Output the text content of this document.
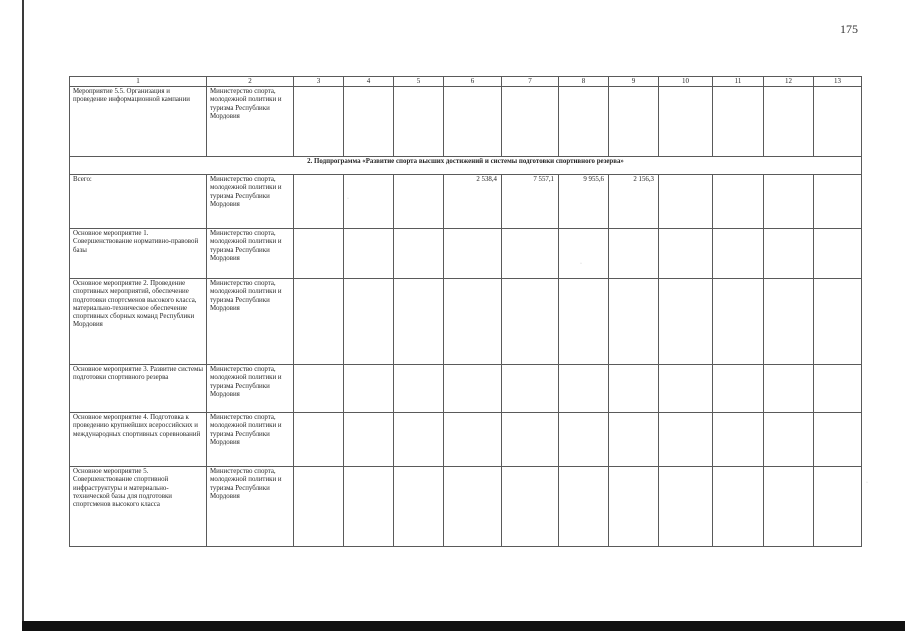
175
1	2	3	4	5	6	7	8	9	10	11	12	13
Мероприятие 5.5. Организация и проведение информационной кампании	Министерство спорта, молодежной политики и туризма Республики Мордовия											
2. Подпрограмма «Развитие спорта высших достижений и системы подготовки спортивного резерва»												
Всего:	Министерство спорта, молодежной политики и туризма Республики Мордовия				2 538,4	7 557,1	9 955,6	2 156,3				
Основное мероприятие 1. Совершенствование нормативно-правовой базы	Министерство спорта, молодежной политики и туризма Республики Мордовия											
Основное мероприятие 2. Проведение спортивных мероприятий, обеспечение подготовки спортсменов высокого класса, материально-техническое обеспечение спортивных сборных команд Республики Мордовия	Министерство спорта, молодежной политики и туризма Республики Мордовия											
Основное мероприятие 3. Развитие системы подготовки спортивного резерва	Министерство спорта, молодежной политики и туризма Республики Мордовия											
Основное мероприятие 4. Подготовка к проведению крупнейших всероссийских и международных спортивных соревнований	Министерство спорта, молодежной политики и туризма Республики Мордовия											
Основное мероприятие 5. Совершенствование спортивной инфраструктуры и материально-технической базы для подготовки спортсменов высокого класса	Министерство спорта, молодежной политики и туризма Республики Мордовия											
·
·
·
